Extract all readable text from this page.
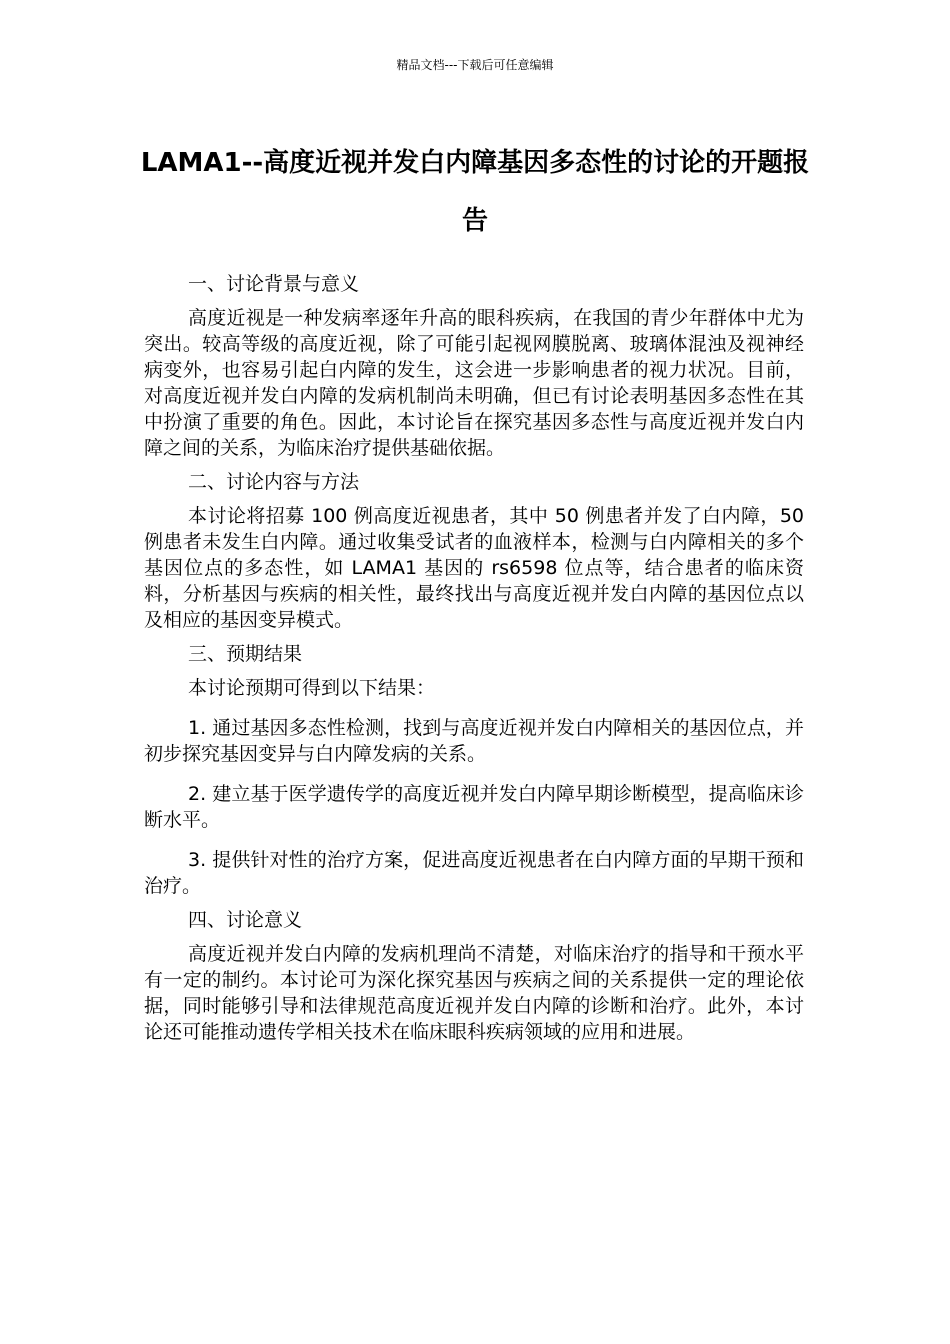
精品文档---下载后可任意编辑
LAMA1--高度近视并发白内障基因多态性的讨论的开题报告

一、讨论背景与意义

高度近视是一种发病率逐年升高的眼科疾病，在我国的青少年群体中尤为突出。较高等级的高度近视，除了可能引起视网膜脱离、玻璃体混浊及视神经病变外，也容易引起白内障的发生，这会进一步影响患者的视力状况。目前，对高度近视并发白内障的发病机制尚未明确，但已有讨论表明基因多态性在其中扮演了重要的角色。因此，本讨论旨在探究基因多态性与高度近视并发白内障之间的关系，为临床治疗提供基础依据。

二、讨论内容与方法

本讨论将招募 100 例高度近视患者，其中 50 例患者并发了白内障，50 例患者未发生白内障。通过收集受试者的血液样本，检测与白内障相关的多个基因位点的多态性，如 LAMA1 基因的 rs6598 位点等，结合患者的临床资料，分析基因与疾病的相关性，最终找出与高度近视并发白内障的基因位点以及相应的基因变异模式。

三、预期结果

本讨论预期可得到以下结果：

1. 通过基因多态性检测，找到与高度近视并发白内障相关的基因位点，并初步探究基因变异与白内障发病的关系。

2. 建立基于医学遗传学的高度近视并发白内障早期诊断模型，提高临床诊断水平。

3. 提供针对性的治疗方案，促进高度近视患者在白内障方面的早期干预和治疗。

四、讨论意义

高度近视并发白内障的发病机理尚不清楚，对临床治疗的指导和干预水平有一定的制约。本讨论可为深化探究基因与疾病之间的关系提供一定的理论依据，同时能够引导和法律规范高度近视并发白内障的诊断和治疗。此外，本讨论还可能推动遗传学相关技术在临床眼科疾病领域的应用和进展。
